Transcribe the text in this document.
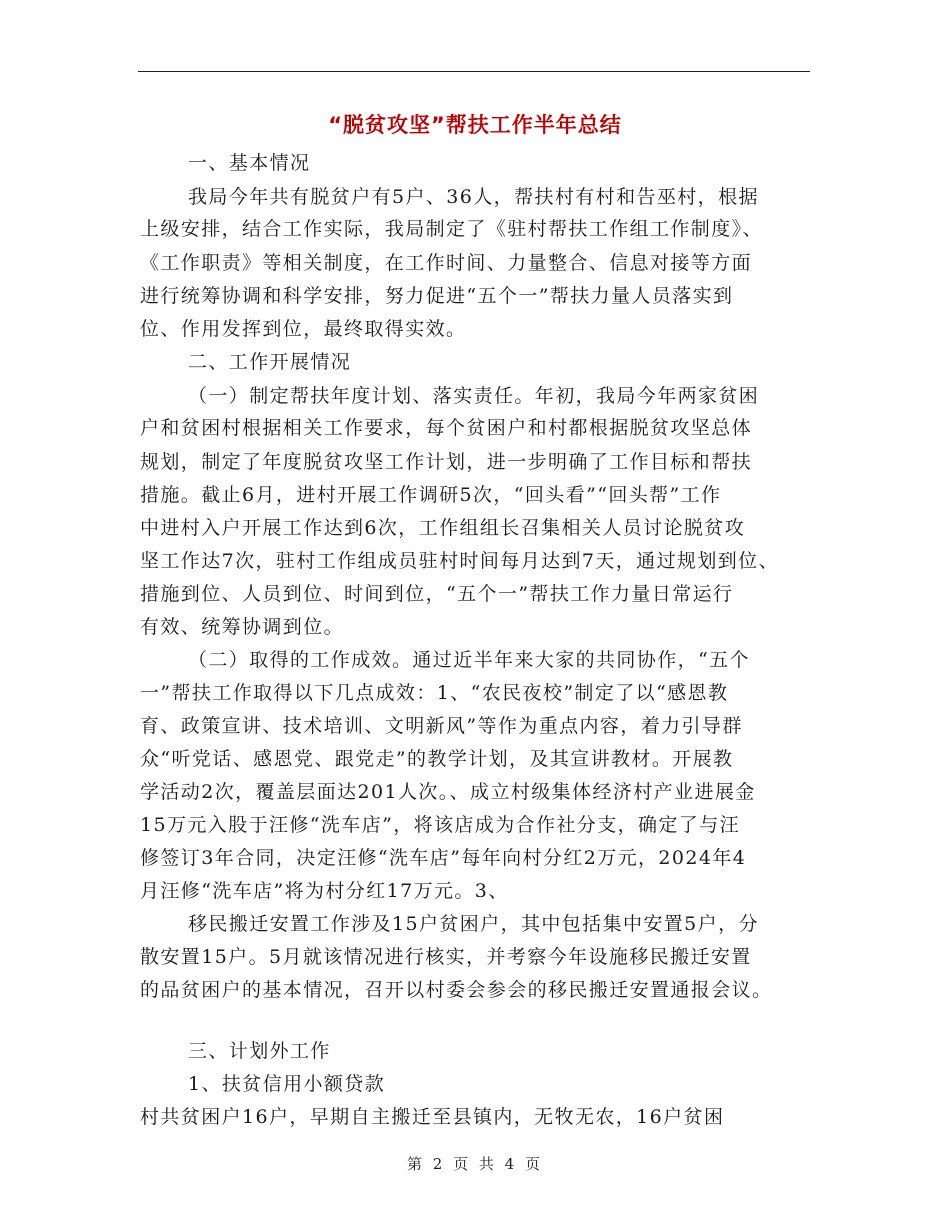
“脱贫攻坚”帮扶工作半年总结
一、基本情况
我局今年共有脱贫户有5户、36人，帮扶村有村和告巫村，根据
上级安排，结合工作实际，我局制定了《驻村帮扶工作组工作制度》、
《工作职责》等相关制度，在工作时间、力量整合、信息对接等方面
进行统筹协调和科学安排，努力促进“五个一”帮扶力量人员落实到
位、作用发挥到位，最终取得实效。
二、工作开展情况
（一）制定帮扶年度计划、落实责任。年初，我局今年两家贫困
户和贫困村根据相关工作要求，每个贫困户和村都根据脱贫攻坚总体
规划，制定了年度脱贫攻坚工作计划，进一步明确了工作目标和帮扶
措施。截止6月，进村开展工作调研5次，“回头看”“回头帮”工作
中进村入户开展工作达到6次，工作组组长召集相关人员讨论脱贫攻
坚工作达7次，驻村工作组成员驻村时间每月达到7天，通过规划到位、
措施到位、人员到位、时间到位，“五个一”帮扶工作力量日常运行
有效、统筹协调到位。
（二）取得的工作成效。通过近半年来大家的共同协作，“五个
一”帮扶工作取得以下几点成效：1、“农民夜校”制定了以“感恩教
育、政策宣讲、技术培训、文明新风”等作为重点内容，着力引导群
众“听党话、感恩党、跟党走”的教学计划，及其宣讲教材。开展教
学活动2次，覆盖层面达201人次。、成立村级集体经济村产业进展金
15万元入股于汪修“洗车店”，将该店成为合作社分支，确定了与汪
修签订3年合同，决定汪修“洗车店”每年向村分红2万元，2024年4
月汪修“洗车店”将为村分红17万元。3、
移民搬迁安置工作涉及15户贫困户，其中包括集中安置5户，分
散安置15户。5月就该情况进行核实，并考察今年设施移民搬迁安置
的品贫困户的基本情况，召开以村委会参会的移民搬迁安置通报会议。
三、计划外工作
1、扶贫信用小额贷款
村共贫困户16户，早期自主搬迁至县镇内，无牧无农，16户贫困
第 2 页 共 4 页
